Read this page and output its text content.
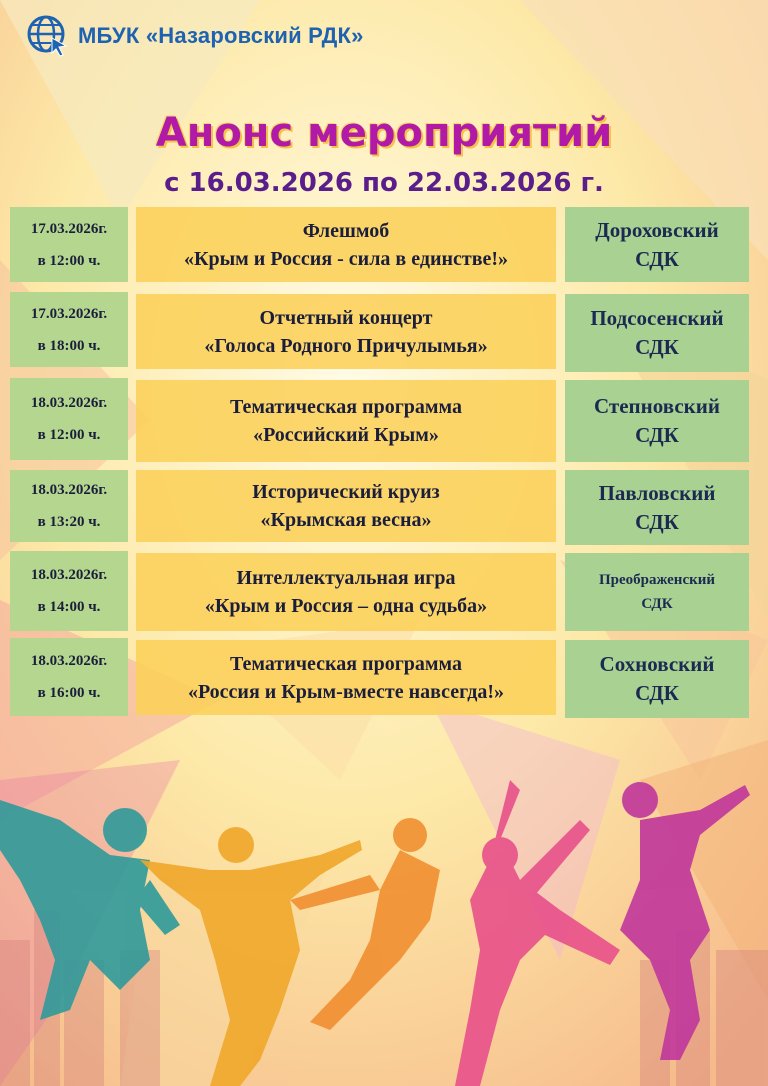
МБУК «Назаровский РДК»
Анонс мероприятий
с 16.03.2026 по 22.03.2026 г.
17.03.2026г.
в 12:00 ч.
Флешмоб
«Крым и Россия - сила в единстве!»
Дороховский
СДК
17.03.2026г.
в 18:00 ч.
Отчетный концерт
«Голоса Родного Причулымья»
Подсосенский
СДК
18.03.2026г.
в 12:00 ч.
Тематическая программа
«Российский Крым»
Степновский
СДК
18.03.2026г.
в 13:20 ч.
Исторический круиз
«Крымская весна»
Павловский
СДК
18.03.2026г.
в 14:00 ч.
Интеллектуальная игра
«Крым и Россия – одна судьба»
Преображенский
СДК
18.03.2026г.
в 16:00 ч.
Тематическая программа
«Россия и Крым-вместе навсегда!»
Сохновский
СДК
